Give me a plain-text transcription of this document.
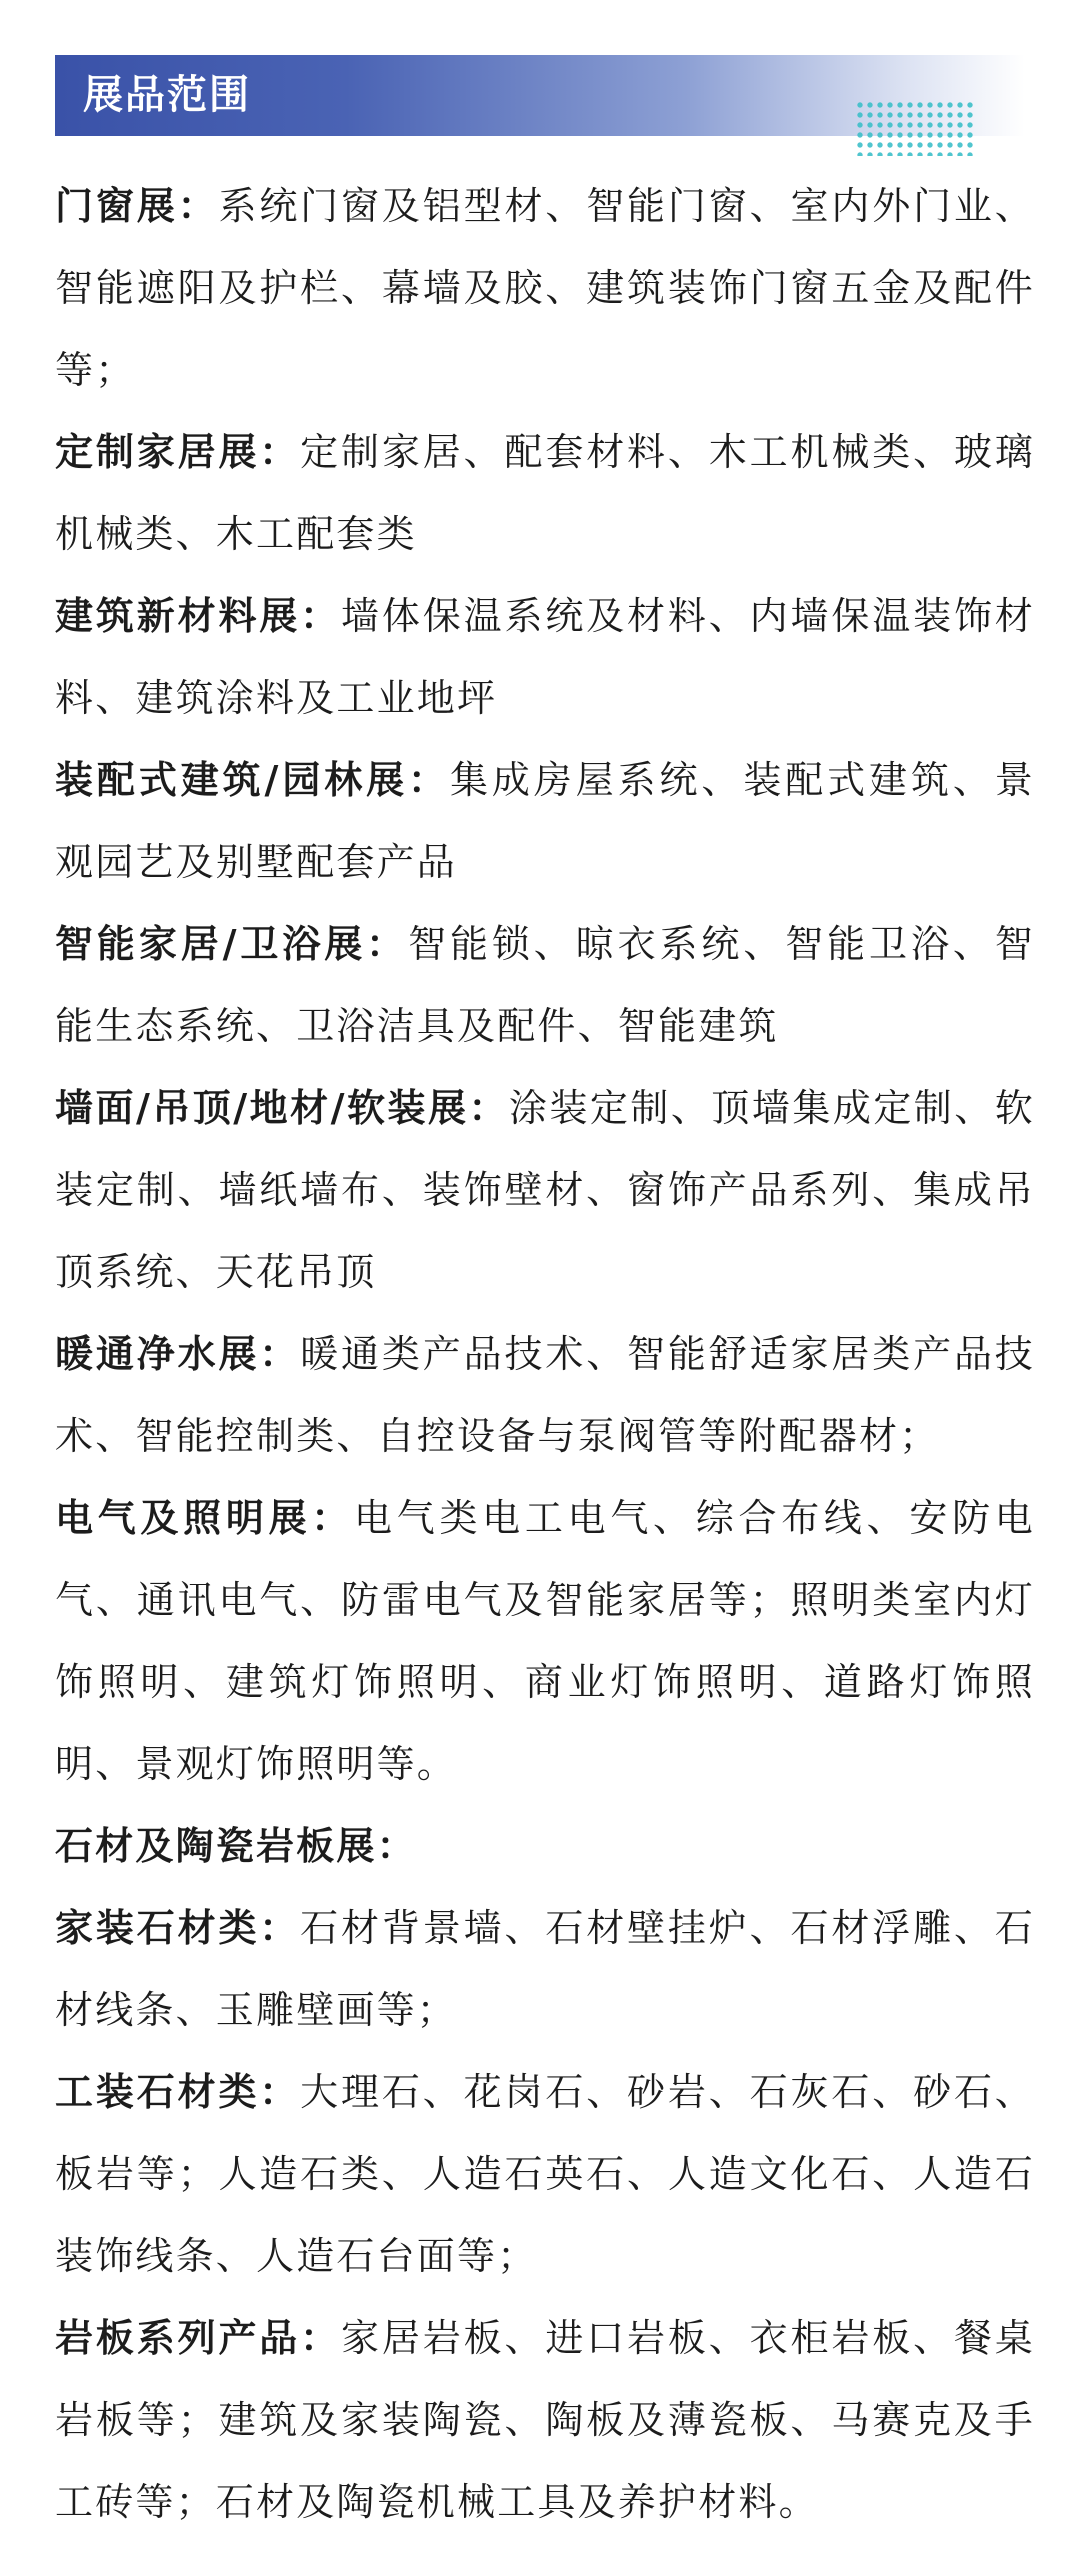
展品范围

门窗展：系统门窗及铝型材、智能门窗、室内外门业、智能遮阳及护栏、幕墙及胶、建筑装饰门窗五金及配件等；

定制家居展：定制家居、配套材料、木工机械类、玻璃机械类、木工配套类

建筑新材料展：墙体保温系统及材料、内墙保温装饰材料、建筑涂料及工业地坪

装配式建筑/园林展：集成房屋系统、装配式建筑、景观园艺及别墅配套产品

智能家居/卫浴展：智能锁、晾衣系统、智能卫浴、智能生态系统、卫浴洁具及配件、智能建筑

墙面/吊顶/地材/软装展：涂装定制、顶墙集成定制、软装定制、墙纸墙布、装饰壁材、窗饰产品系列、集成吊顶系统、天花吊顶

暖通净水展：暖通类产品技术、智能舒适家居类产品技术、智能控制类、自控设备与泵阀管等附配器材；

电气及照明展：电气类电工电气、综合布线、安防电气、通讯电气、防雷电气及智能家居等；照明类室内灯饰照明、建筑灯饰照明、商业灯饰照明、道路灯饰照明、景观灯饰照明等。

石材及陶瓷岩板展：

家装石材类：石材背景墙、石材壁挂炉、石材浮雕、石材线条、玉雕壁画等；

工装石材类：大理石、花岗石、砂岩、石灰石、砂石、板岩等；人造石类、人造石英石、人造文化石、人造石装饰线条、人造石台面等；

岩板系列产品：家居岩板、进口岩板、衣柜岩板、餐桌岩板等；建筑及家装陶瓷、陶板及薄瓷板、马赛克及手工砖等；石材及陶瓷机械工具及养护材料。
